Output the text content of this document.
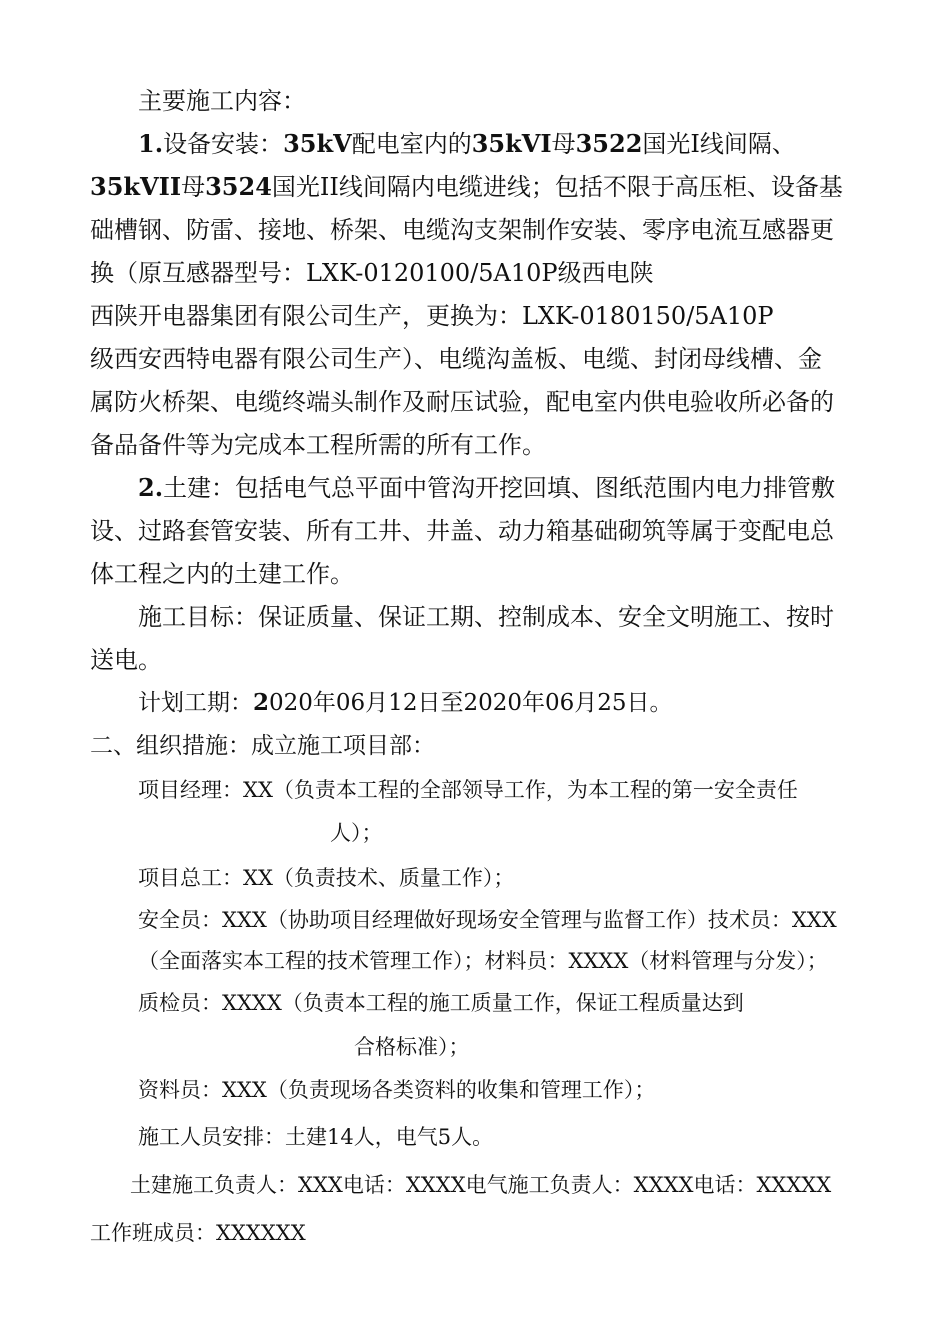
主要施工内容：
1.设备安装：35kV配电室内的35kVI母3522国光Ⅰ线间隔、
35kVII母3524国光II线间隔内电缆进线；包括不限于高压柜、设备基
础槽钢、防雷、接地、桥架、电缆沟支架制作安装、零序电流互感器更
换（原互感器型号：LXK-0120100/5A10P级西电陕
西陕开电器集团有限公司生产，更换为：LXK-0180150/5A10P
级西安西特电器有限公司生产）、电缆沟盖板、电缆、封闭母线槽、金
属防火桥架、电缆终端头制作及耐压试验，配电室内供电验收所必备的
备品备件等为完成本工程所需的所有工作。
2.土建：包括电气总平面中管沟开挖回填、图纸范围内电力排管敷
设、过路套管安装、所有工井、井盖、动力箱基础砌筑等属于变配电总
体工程之内的土建工作。
施工目标：保证质量、保证工期、控制成本、安全文明施工、按时
送电。
计划工期：2020年06月12日至2020年06月25日。
二、组织措施：成立施工项目部：
项目经理：XX（负责本工程的全部领导工作，为本工程的第一安全责任
人）；
项目总工：XX（负责技术、质量工作）；
安全员：XXX（协助项目经理做好现场安全管理与监督工作）技术员：XXX
（全面落实本工程的技术管理工作）；材料员：XXXX（材料管理与分发）；
质检员：XXXX（负责本工程的施工质量工作，保证工程质量达到
合格标准）；
资料员：XXX（负责现场各类资料的收集和管理工作）；
施工人员安排：土建14人，电气5人。
土建施工负责人：XXX电话：XXXX电气施工负责人：XXXX电话：XXXXX
工作班成员：XXXXXX
